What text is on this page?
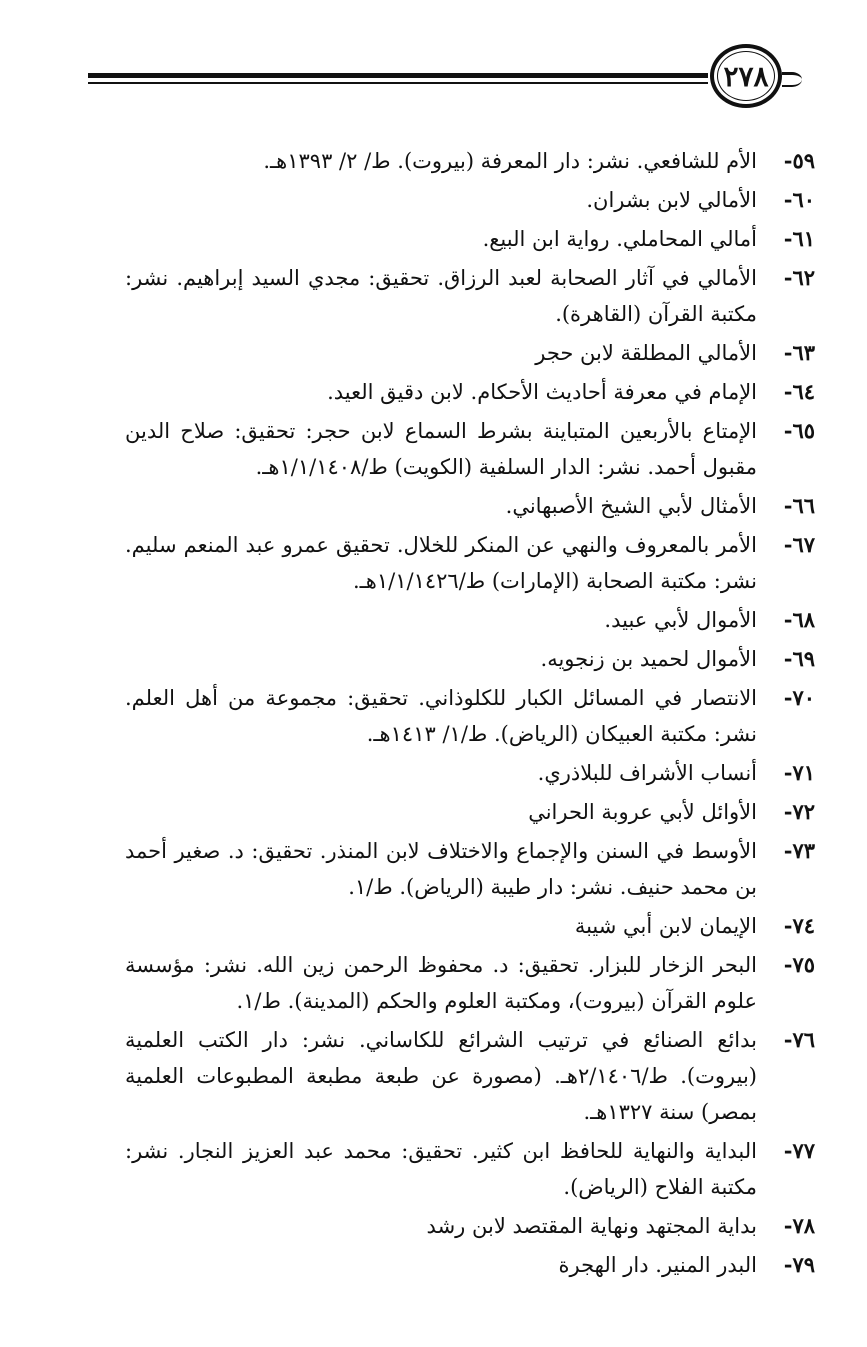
٢٧٨
٥٩-
الأم للشافعي. نشر: دار المعرفة (بيروت). ط/ ٢/ ١٣٩٣هـ.
٦٠-
الأمالي لابن بشران.
٦١-
أمالي المحاملي. رواية ابن البيع.
٦٢-
الأمالي في آثار الصحابة لعبد الرزاق. تحقيق: مجدي السيد إبراهيم. نشر: مكتبة القرآن (القاهرة).
٦٣-
الأمالي المطلقة لابن حجر
٦٤-
الإمام في معرفة أحاديث الأحكام. لابن دقيق العيد.
٦٥-
الإمتاع بالأربعين المتباينة بشرط السماع لابن حجر: تحقيق: صلاح الدين مقبول أحمد. نشر: الدار السلفية (الكويت) ط/١/١/١٤٠٨هـ.
٦٦-
الأمثال لأبي الشيخ الأصبهاني.
٦٧-
الأمر بالمعروف والنهي عن المنكر للخلال. تحقيق عمرو عبد المنعم سليم. نشر: مكتبة الصحابة (الإمارات) ط/١/١/١٤٢٦هـ.
٦٨-
الأموال لأبي عبيد.
٦٩-
الأموال لحميد بن زنجويه.
٧٠-
الانتصار في المسائل الكبار للكلوذاني. تحقيق: مجموعة من أهل العلم. نشر: مكتبة العبيكان (الرياض). ط/١/ ١٤١٣هـ.
٧١-
أنساب الأشراف للبلاذري.
٧٢-
الأوائل لأبي عروبة الحراني
٧٣-
الأوسط في السنن والإجماع والاختلاف لابن المنذر. تحقيق: د. صغير أحمد بن محمد حنيف. نشر: دار طيبة (الرياض). ط/١.
٧٤-
الإيمان لابن أبي شيبة
٧٥-
البحر الزخار للبزار. تحقيق: د. محفوظ الرحمن زين الله. نشر: مؤسسة علوم القرآن (بيروت)، ومكتبة العلوم والحكم (المدينة). ط/١.
٧٦-
بدائع الصنائع في ترتيب الشرائع للكاساني. نشر: دار الكتب العلمية (بيروت). ط/٢/١٤٠٦هـ. (مصورة عن طبعة مطبعة المطبوعات العلمية بمصر) سنة ١٣٢٧هـ.
٧٧-
البداية والنهاية للحافظ ابن كثير. تحقيق: محمد عبد العزيز النجار. نشر: مكتبة الفلاح (الرياض).
٧٨-
بداية المجتهد ونهاية المقتصد لابن رشد
٧٩-
البدر المنير. دار الهجرة
